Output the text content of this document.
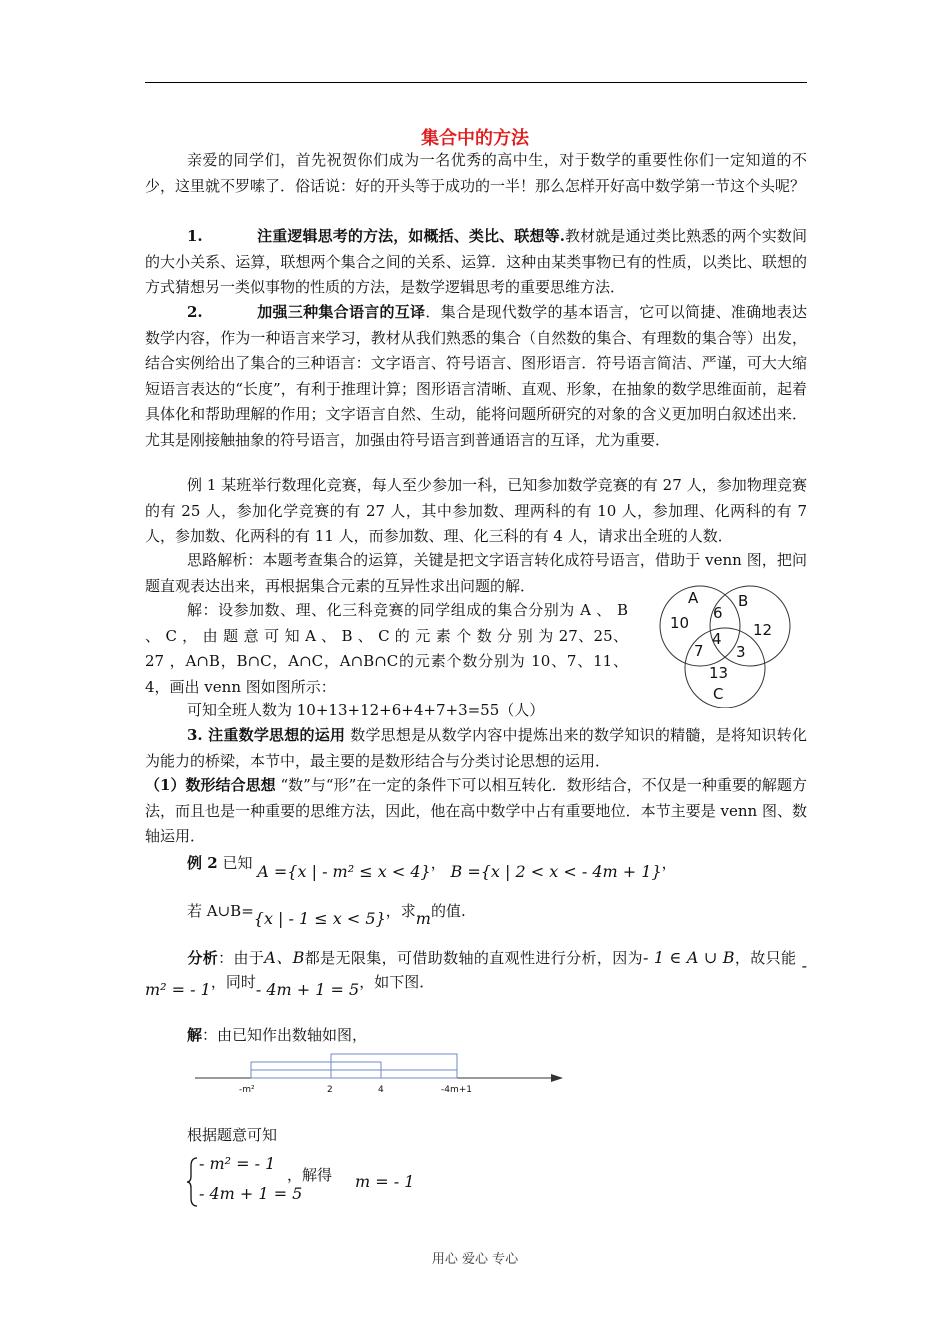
集合中的方法
亲爱的同学们，首先祝贺你们成为一名优秀的高中生，对于数学的重要性你们一定知道的不少，这里就不罗嗦了．俗话说：好的开头等于成功的一半！那么怎样开好高中数学第一节这个头呢？
1.	注重逻辑思考的方法，如概括、类比、联想等.教材就是通过类比熟悉的两个实数间的大小关系、运算，联想两个集合之间的关系、运算．这种由某类事物已有的性质，以类比、联想的方式猜想另一类似事物的性质的方法，是数学逻辑思考的重要思维方法．
2.	加强三种集合语言的互译．集合是现代数学的基本语言，它可以简捷、准确地表达数学内容，作为一种语言来学习，教材从我们熟悉的集合（自然数的集合、有理数的集合等）出发，结合实例给出了集合的三种语言：文字语言、符号语言、图形语言．符号语言简洁、严谨，可大大缩短语言表达的“长度”，有利于推理计算；图形语言清晰、直观、形象，在抽象的数学思维面前，起着具体化和帮助理解的作用；文字语言自然、生动，能将问题所研究的对象的含义更加明白叙述出来．尤其是刚接触抽象的符号语言，加强由符号语言到普通语言的互译，尤为重要．
例 1 某班举行数理化竞赛，每人至少参加一科，已知参加数学竞赛的有 27 人，参加物理竞赛的有 25 人，参加化学竞赛的有 27 人，其中参加数、理两科的有 10 人，参加理、化两科的有 7 人，参加数、化两科的有 11 人，而参加数、理、化三科的有 4 人，请求出全班的人数．
思路解析：本题考查集合的运算，关键是把文字语言转化成符号语言，借助于 venn 图，把问题直观表达出来，再根据集合元素的互异性求出问题的解．
解：设参加数、理、化三科竞赛的同学组成的集合分别为 A 、 B 、 C ， 由 题 意 可 知 A 、 B 、 C 的 元 素 个 数 分 别 为 27、25、27 ，A∩B，B∩C，A∩C，A∩B∩C的元素个数分别为 10、7、11、4，画出 venn 图如图所示：
可知全班人数为 10+13+12+6+4+7+3=55（人）
A	B
C
10
6
12
4
7 3
13
3. 注重数学思想的运用 数学思想是从数学内容中提炼出来的数学知识的精髓，是将知识转化为能力的桥梁，本节中，最主要的是数形结合与分类讨论思想的运用．
（1）数形结合思想 “数”与“形”在一定的条件下可以相互转化．数形结合，不仅是一种重要的解题方法，而且也是一种重要的思维方法，因此，他在高中数学中占有重要地位．本节主要是 venn 图、数轴运用．
例 2 已知 A ={x | - m² ≤ x < 4}， B ={x | 2 < x < - 4m + 1}，
若 A∪B={x | - 1 ≤ x < 5}，求m的值.
分析：由于A、B都是无限集，可借助数轴的直观性进行分析，因为- 1 ∈ A ∪ B，故只能 - m² = - 1，同时- 4m + 1 = 5，如下图．
解：由已知作出数轴如图，
-m²	2	4	-4m+1
根据题意可知
- m² = - 1
- 4m + 1 = 5
，解得 m = - 1
用心 爱心 专心
